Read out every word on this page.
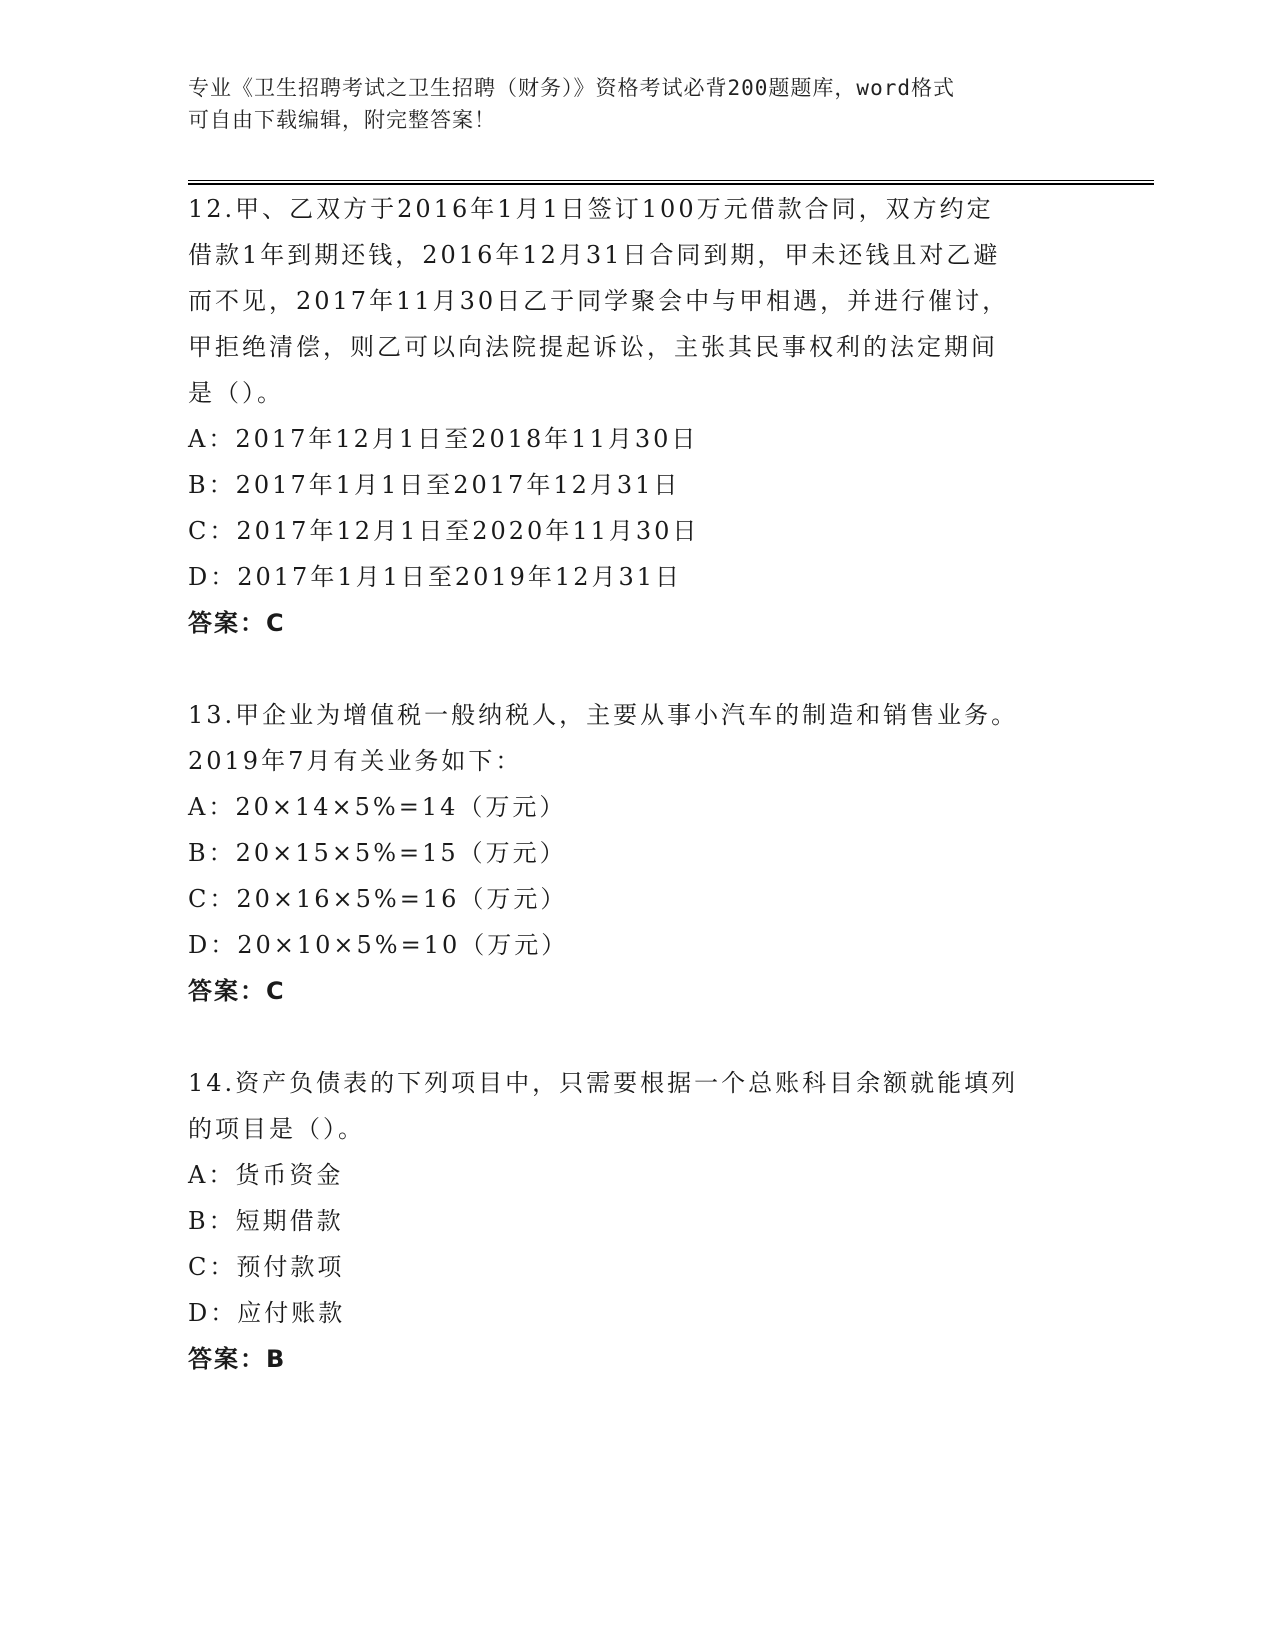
专业《卫生招聘考试之卫生招聘（财务）》资格考试必背200题题库，word格式
可自由下载编辑，附完整答案！
12.甲、乙双方于2016年1月1日签订100万元借款合同，双方约定
借款1年到期还钱，2016年12月31日合同到期，甲未还钱且对乙避
而不见，2017年11月30日乙于同学聚会中与甲相遇，并进行催讨，
甲拒绝清偿，则乙可以向法院提起诉讼，主张其民事权利的法定期间
是（）。
A：2017年12月1日至2018年11月30日
B：2017年1月1日至2017年12月31日
C：2017年12月1日至2020年11月30日
D：2017年1月1日至2019年12月31日
答案：C
13.甲企业为增值税一般纳税人，主要从事小汽车的制造和销售业务。
2019年7月有关业务如下：
A：20×14×5%=14（万元）
B：20×15×5%=15（万元）
C：20×16×5%=16（万元）
D：20×10×5%=10（万元）
答案：C
14.资产负债表的下列项目中，只需要根据一个总账科目余额就能填列
的项目是（）。
A：货币资金
B：短期借款
C：预付款项
D：应付账款
答案：B
